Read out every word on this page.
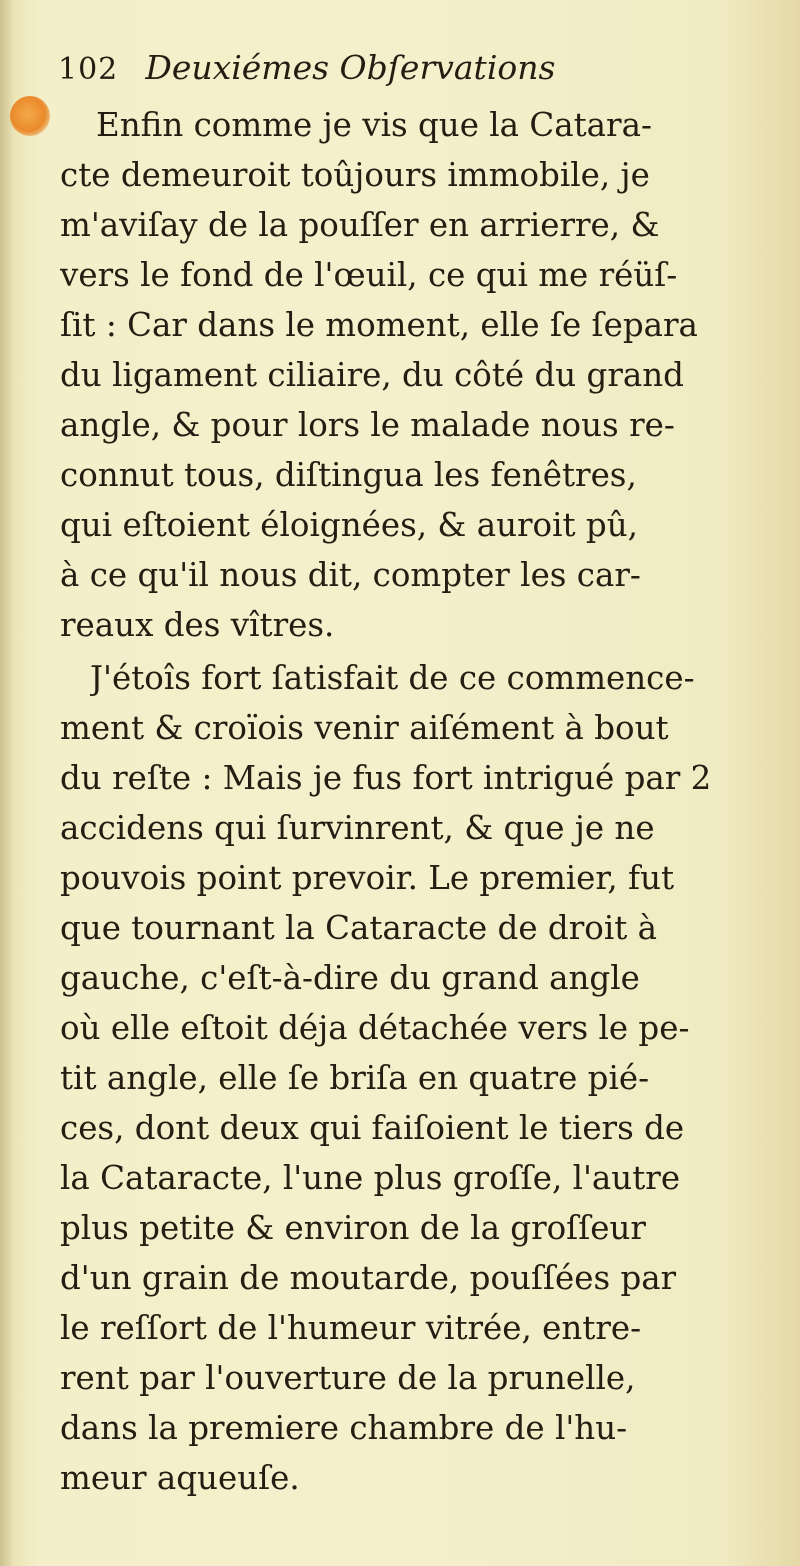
102 Deuxiémes Obſervations
Enfin comme je vis que la Catara-
cte demeuroit toûjours immobile, je
m'aviſay de la pouſſer en arrierre, &
vers le fond de l'œuil, ce qui me réüſ-
ſit : Car dans le moment, elle ſe ſepara
du ligament ciliaire, du côté du grand
angle, & pour lors le malade nous re-
connut tous, diſtingua les fenêtres,
qui eſtoient éloignées, & auroit pû,
à ce qu'il nous dit, compter les car-
reaux des vîtres.
J'étoîs fort ſatisfait de ce commence-
ment & croïois venir aiſément à bout
du reſte : Mais je fus fort intrigué par 2
accidens qui ſurvinrent, & que je ne
pouvois point prevoir. Le premier, fut
que tournant la Cataracte de droit à
gauche, c'eſt-à-dire du grand angle
où elle eſtoit déja détachée vers le pe-
tit angle, elle ſe briſa en quatre pié-
ces, dont deux qui faiſoient le tiers de
la Cataracte, l'une plus groſſe, l'autre
plus petite & environ de la groſſeur
d'un grain de moutarde, pouſſées par
le reſſort de l'humeur vitrée, entre-
rent par l'ouverture de la prunelle,
dans la premiere chambre de l'hu-
meur aqueuſe.
